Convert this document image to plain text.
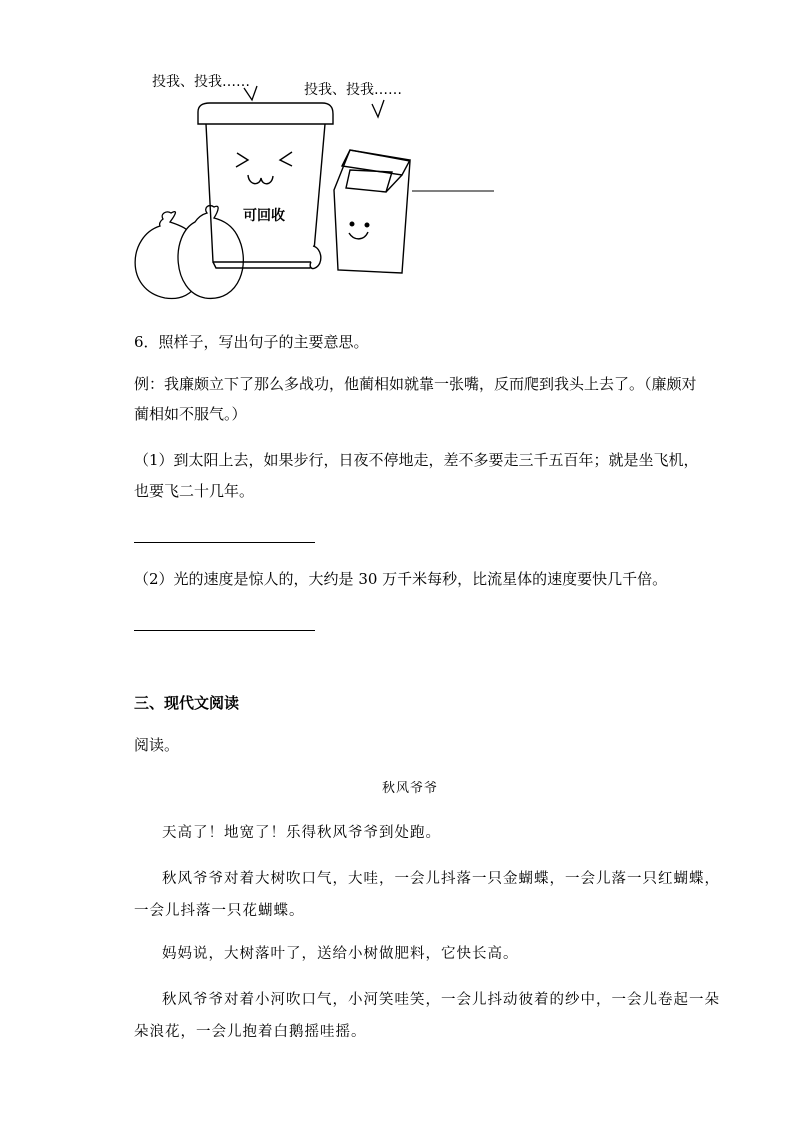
投我、投我……	投我、投我……
可回收
6．照样子，写出句子的主要意思。
例：我廉颇立下了那么多战功，他蔺相如就靠一张嘴，反而爬到我头上去了。（廉颇对
蔺相如不服气。）
（1）到太阳上去，如果步行，日夜不停地走，差不多要走三千五百年；就是坐飞机，
也要飞二十几年。
（2）光的速度是惊人的，大约是 30 万千米每秒，比流星体的速度要快几千倍。
三、现代文阅读
阅读。
秋风爷爷
天高了！地宽了！乐得秋风爷爷到处跑。
秋风爷爷对着大树吹口气，大哇，一会儿抖落一只金蝴蝶，一会儿落一只红蝴蝶，
一会儿抖落一只花蝴蝶。
妈妈说，大树落叶了，送给小树做肥料，它快长高。
秋风爷爷对着小河吹口气，小河笑哇笑，一会儿抖动彼着的纱中，一会儿卷起一朵
朵浪花，一会儿抱着白鹅摇哇摇。
